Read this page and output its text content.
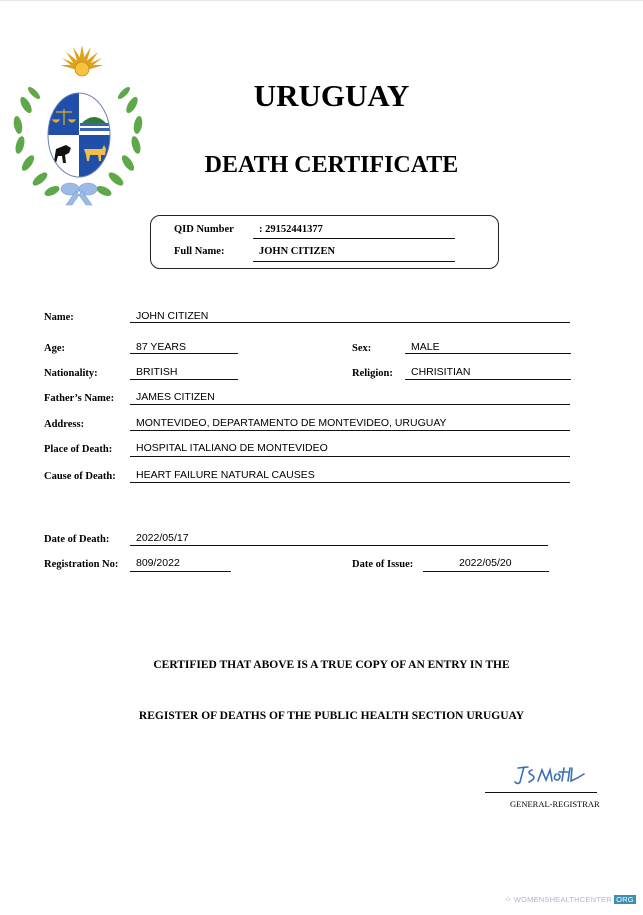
URUGUAY
DEATH CERTIFICATE
QID Number : 29152441377
Full Name:	JOHN CITIZEN
Name:	JOHN CITIZEN
Age:	87 YEARS	Sex:	MALE
Nationality:	BRITISH	Religion: CHRISITIAN
Father’s Name: JAMES CITIZEN
Address:	MONTEVIDEO, DEPARTAMENTO DE MONTEVIDEO, URUGUAY
Place of Death: HOSPITAL ITALIANO DE MONTEVIDEO
Cause of Death: HEART FAILURE NATURAL CAUSES
Date of Death:	2022/05/17
Registration No: 809/2022	Date of Issue:	2022/05/20
CERTIFIED THAT ABOVE IS A TRUE COPY OF AN ENTRY IN THE
REGISTER OF DEATHS OF THE PUBLIC HEALTH SECTION URUGUAY
GENERAL-REGISTRAR
⁘ WOMENSHEALTHCENTER ORG
